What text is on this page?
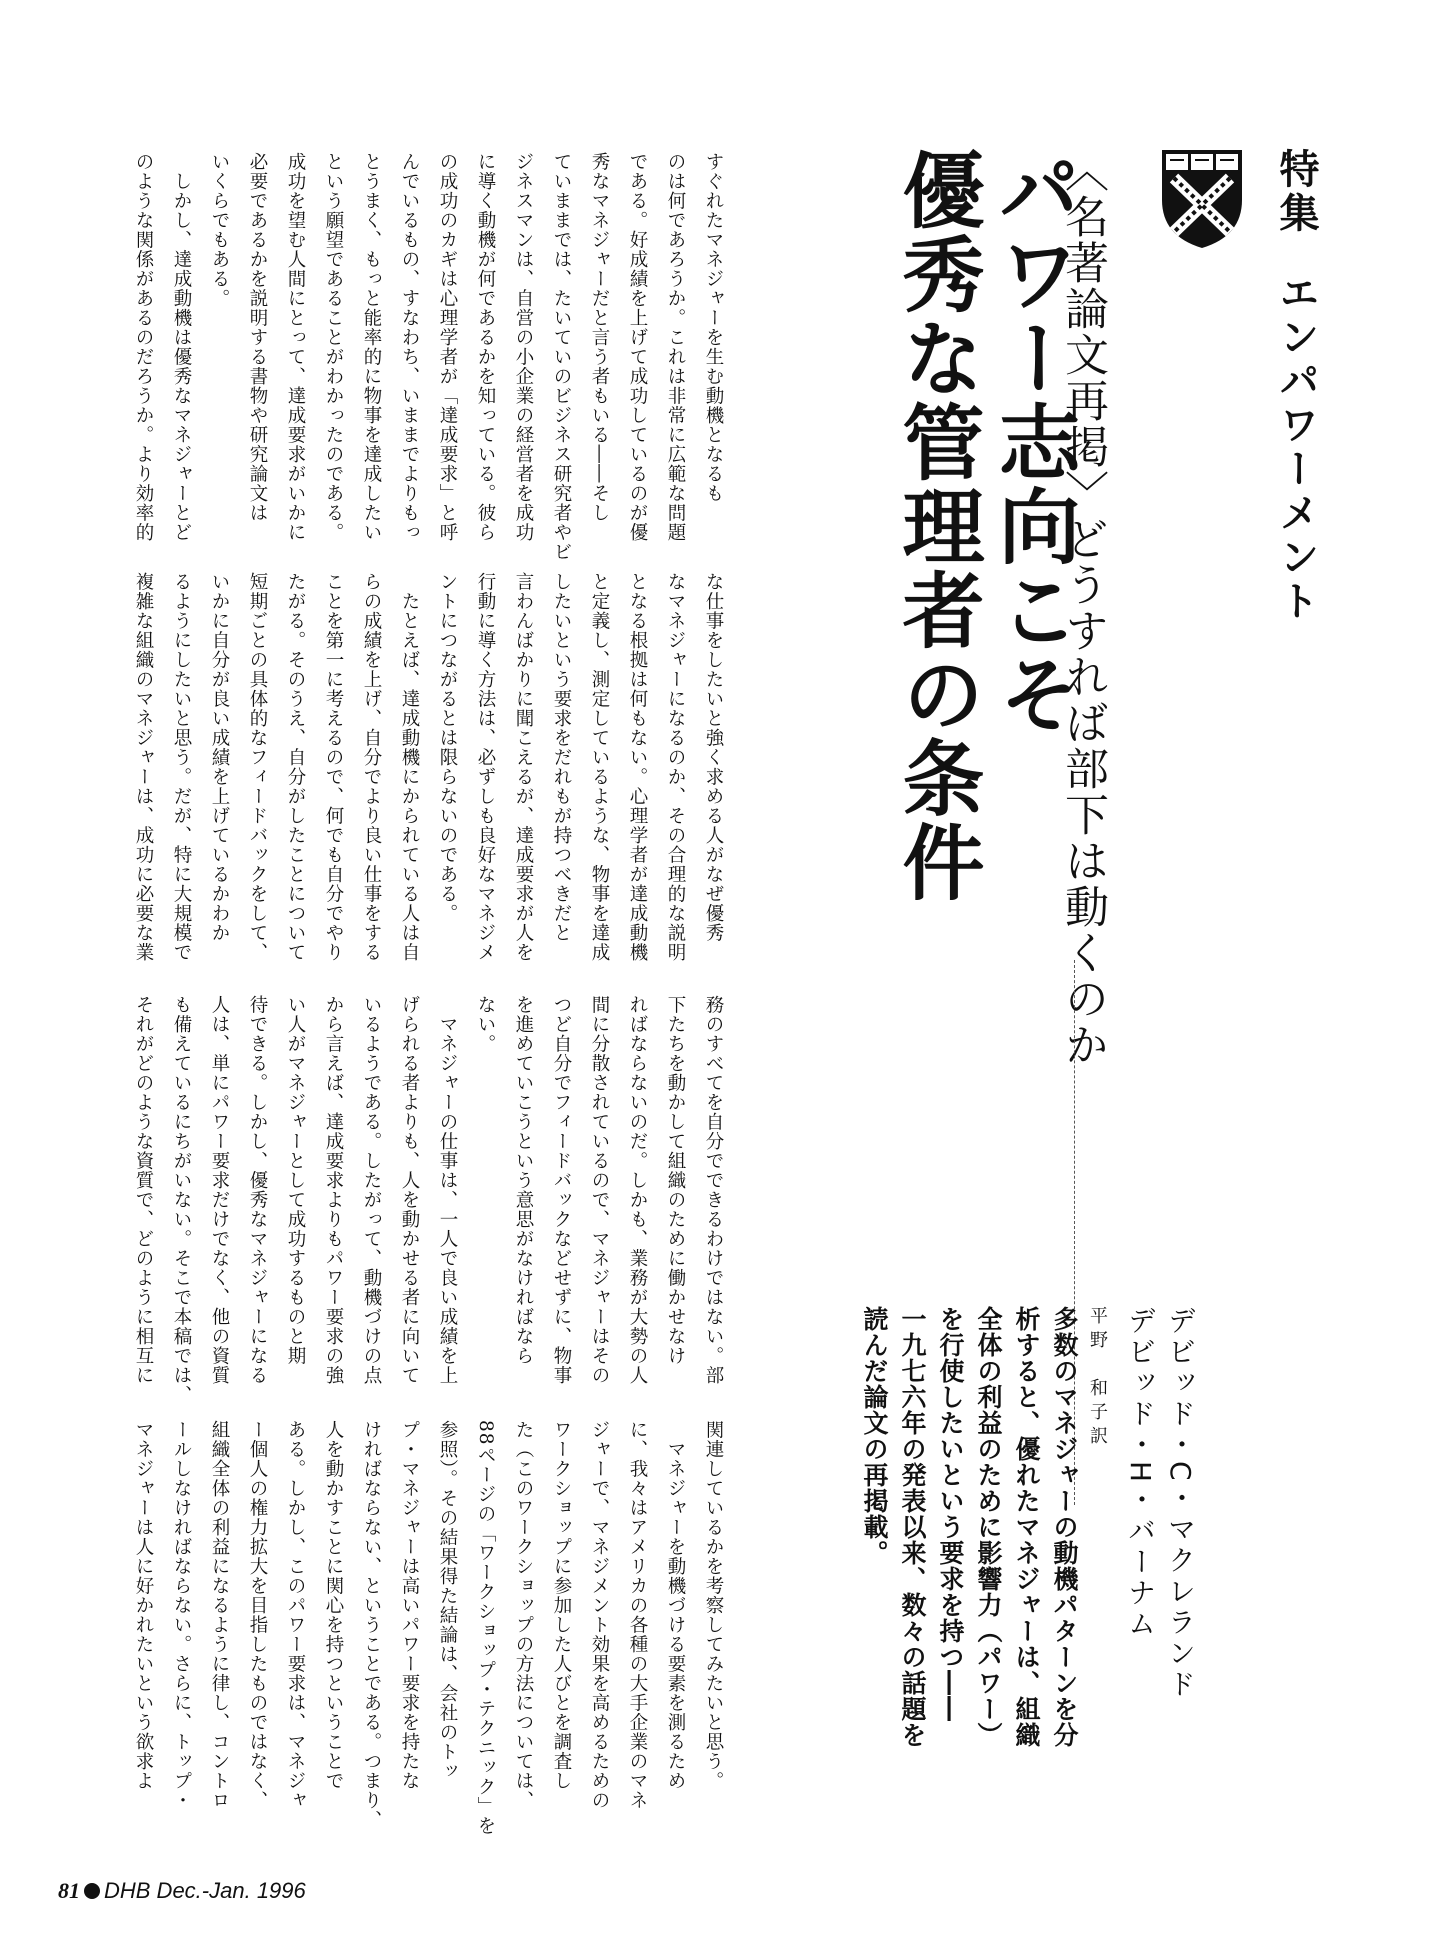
特集エンパワーメント
〈名著論文再掲〉どうすれば部下は動くのか
パワー志向こそ
優秀な管理者の条件
デビッド・C・マクレランド
デビッド・H・バーナム
平野　和子訳
多数のマネジャーの動機パターンを分
析すると、優れたマネジャーは、組織
全体の利益のために影響力（パワー）
を行使したいという要求を持つ――
一九七六年の発表以来、数々の話題を
読んだ論文の再掲載。
すぐれたマネジャーを生む動機となるも
のは何であろうか。これは非常に広範な問題
である。好成績を上げて成功しているのが優
秀なマネジャーだと言う者もいる――そし
ていままでは、たいていのビジネス研究者やビ
ジネスマンは、自営の小企業の経営者を成功
に導く動機が何であるかを知っている。彼ら
の成功のカギは心理学者が「達成要求」と呼
んでいるもの、すなわち、いままでよりもっ
とうまく、もっと能率的に物事を達成したい
という願望であることがわかったのである。
成功を望む人間にとって、達成要求がいかに
必要であるかを説明する書物や研究論文は
いくらでもある。
　しかし、達成動機は優秀なマネジャーとど
のような関係があるのだろうか。より効率的
な仕事をしたいと強く求める人がなぜ優秀
なマネジャーになるのか、その合理的な説明
となる根拠は何もない。心理学者が達成動機
と定義し、測定しているような、物事を達成
したいという要求をだれもが持つべきだと
言わんばかりに聞こえるが、達成要求が人を
行動に導く方法は、必ずしも良好なマネジメ
ントにつながるとは限らないのである。
　たとえば、達成動機にかられている人は自
らの成績を上げ、自分でより良い仕事をする
ことを第一に考えるので、何でも自分でやり
たがる。そのうえ、自分がしたことについて
短期ごとの具体的なフィードバックをして、
いかに自分が良い成績を上げているかわか
るようにしたいと思う。だが、特に大規模で
複雑な組織のマネジャーは、成功に必要な業
務のすべてを自分でできるわけではない。部
下たちを動かして組織のために働かせなけ
ればならないのだ。しかも、業務が大勢の人
間に分散されているので、マネジャーはその
つど自分でフィードバックなどせずに、物事
を進めていこうという意思がなければなら
ない。
　マネジャーの仕事は、一人で良い成績を上
げられる者よりも、人を動かせる者に向いて
いるようである。したがって、動機づけの点
から言えば、達成要求よりもパワー要求の強
い人がマネジャーとして成功するものと期
待できる。しかし、優秀なマネジャーになる
人は、単にパワー要求だけでなく、他の資質
も備えているにちがいない。そこで本稿では、
それがどのような資質で、どのように相互に
関連しているかを考察してみたいと思う。
　マネジャーを動機づける要素を測るため
に、我々はアメリカの各種の大手企業のマネ
ジャーで、マネジメント効果を高めるための
ワークショップに参加した人びとを調査し
た（このワークショップの方法については、
88ページの「ワークショップ・テクニック」を
参照）。その結果得た結論は、会社のトッ
プ・マネジャーは高いパワー要求を持たな
ければならない、ということである。つまり、
人を動かすことに関心を持つということで
ある。しかし、このパワー要求は、マネジャ
ー個人の権力拡大を目指したものではなく、
組織全体の利益になるように律し、コントロ
ールしなければならない。さらに、トップ・
マネジャーは人に好かれたいという欲求よ
81 DHB Dec.-Jan. 1996
